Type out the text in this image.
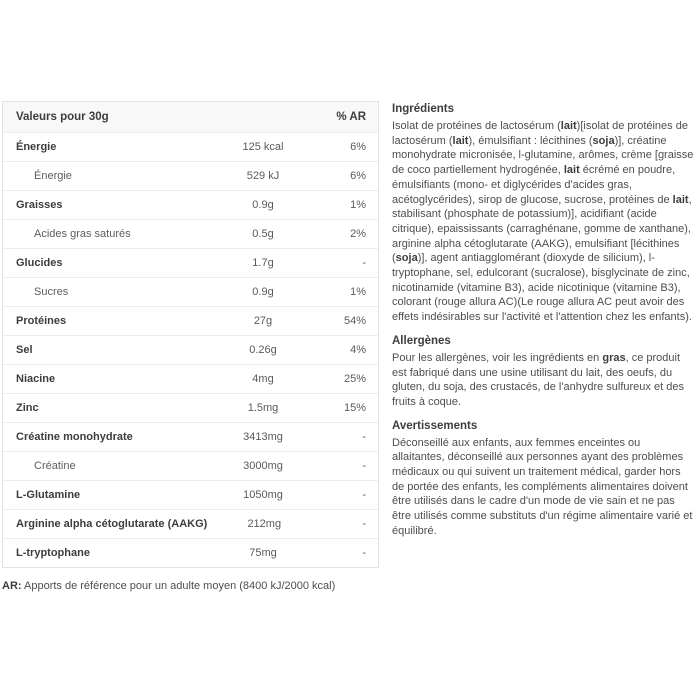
Valeurs pour 30g	% AR
Énergie	125 kcal	6%
Énergie	529 kJ	6%
Graisses	0.9g	1%
Acides gras saturés	0.5g	2%
Glucides	1.7g	-
Sucres	0.9g	1%
Protéines	27g	54%
Sel	0.26g	4%
Niacine	4mg	25%
Zinc	1.5mg	15%
Créatine monohydrate	3413mg	-
Créatine	3000mg	-
L-Glutamine	1050mg	-
Arginine alpha cétoglutarate (AAKG)	212mg	-
L-tryptophane	75mg	-
AR: Apports de référence pour un adulte moyen (8400 kJ/2000 kcal)
Ingrédients

Isolat de protéines de lactosérum (lait)[isolat de protéines de lactosérum (lait), émulsifiant : lécithines (soja)], créatine monohydrate micronisée, l-glutamine, arômes, crème [graisse de coco partiellement hydrogénée, lait écrémé en poudre, émulsifiants (mono- et diglycérides d'acides gras, acétoglycérides), sirop de glucose, sucrose, protéines de lait, stabilisant (phosphate de potassium)], acidifiant (acide citrique), epaississants (carraghénane, gomme de xanthane), arginine alpha cétoglutarate (AAKG), emulsifiant [lécithines (soja)], agent antiagglomérant (dioxyde de silicium), l-tryptophane, sel, edulcorant (sucralose), bisglycinate de zinc, nicotinamide (vitamine B3), acide nicotinique (vitamine B3), colorant (rouge allura AC)(Le rouge allura AC peut avoir des effets indésirables sur l'activité et l'attention chez les enfants).

Allergènes

Pour les allergènes, voir les ingrédients en gras, ce produit est fabriqué dans une usine utilisant du lait, des oeufs, du gluten, du soja, des crustacés, de l'anhydre sulfureux et des fruits à coque.

Avertissements

Déconseillé aux enfants, aux femmes enceintes ou allaitantes, déconseillé aux personnes ayant des problèmes médicaux ou qui suivent un traitement médical, garder hors de portée des enfants, les compléments alimentaires doivent être utilisés dans le cadre d'un mode de vie sain et ne pas être utilisés comme substituts d'un régime alimentaire varié et équilibré.
